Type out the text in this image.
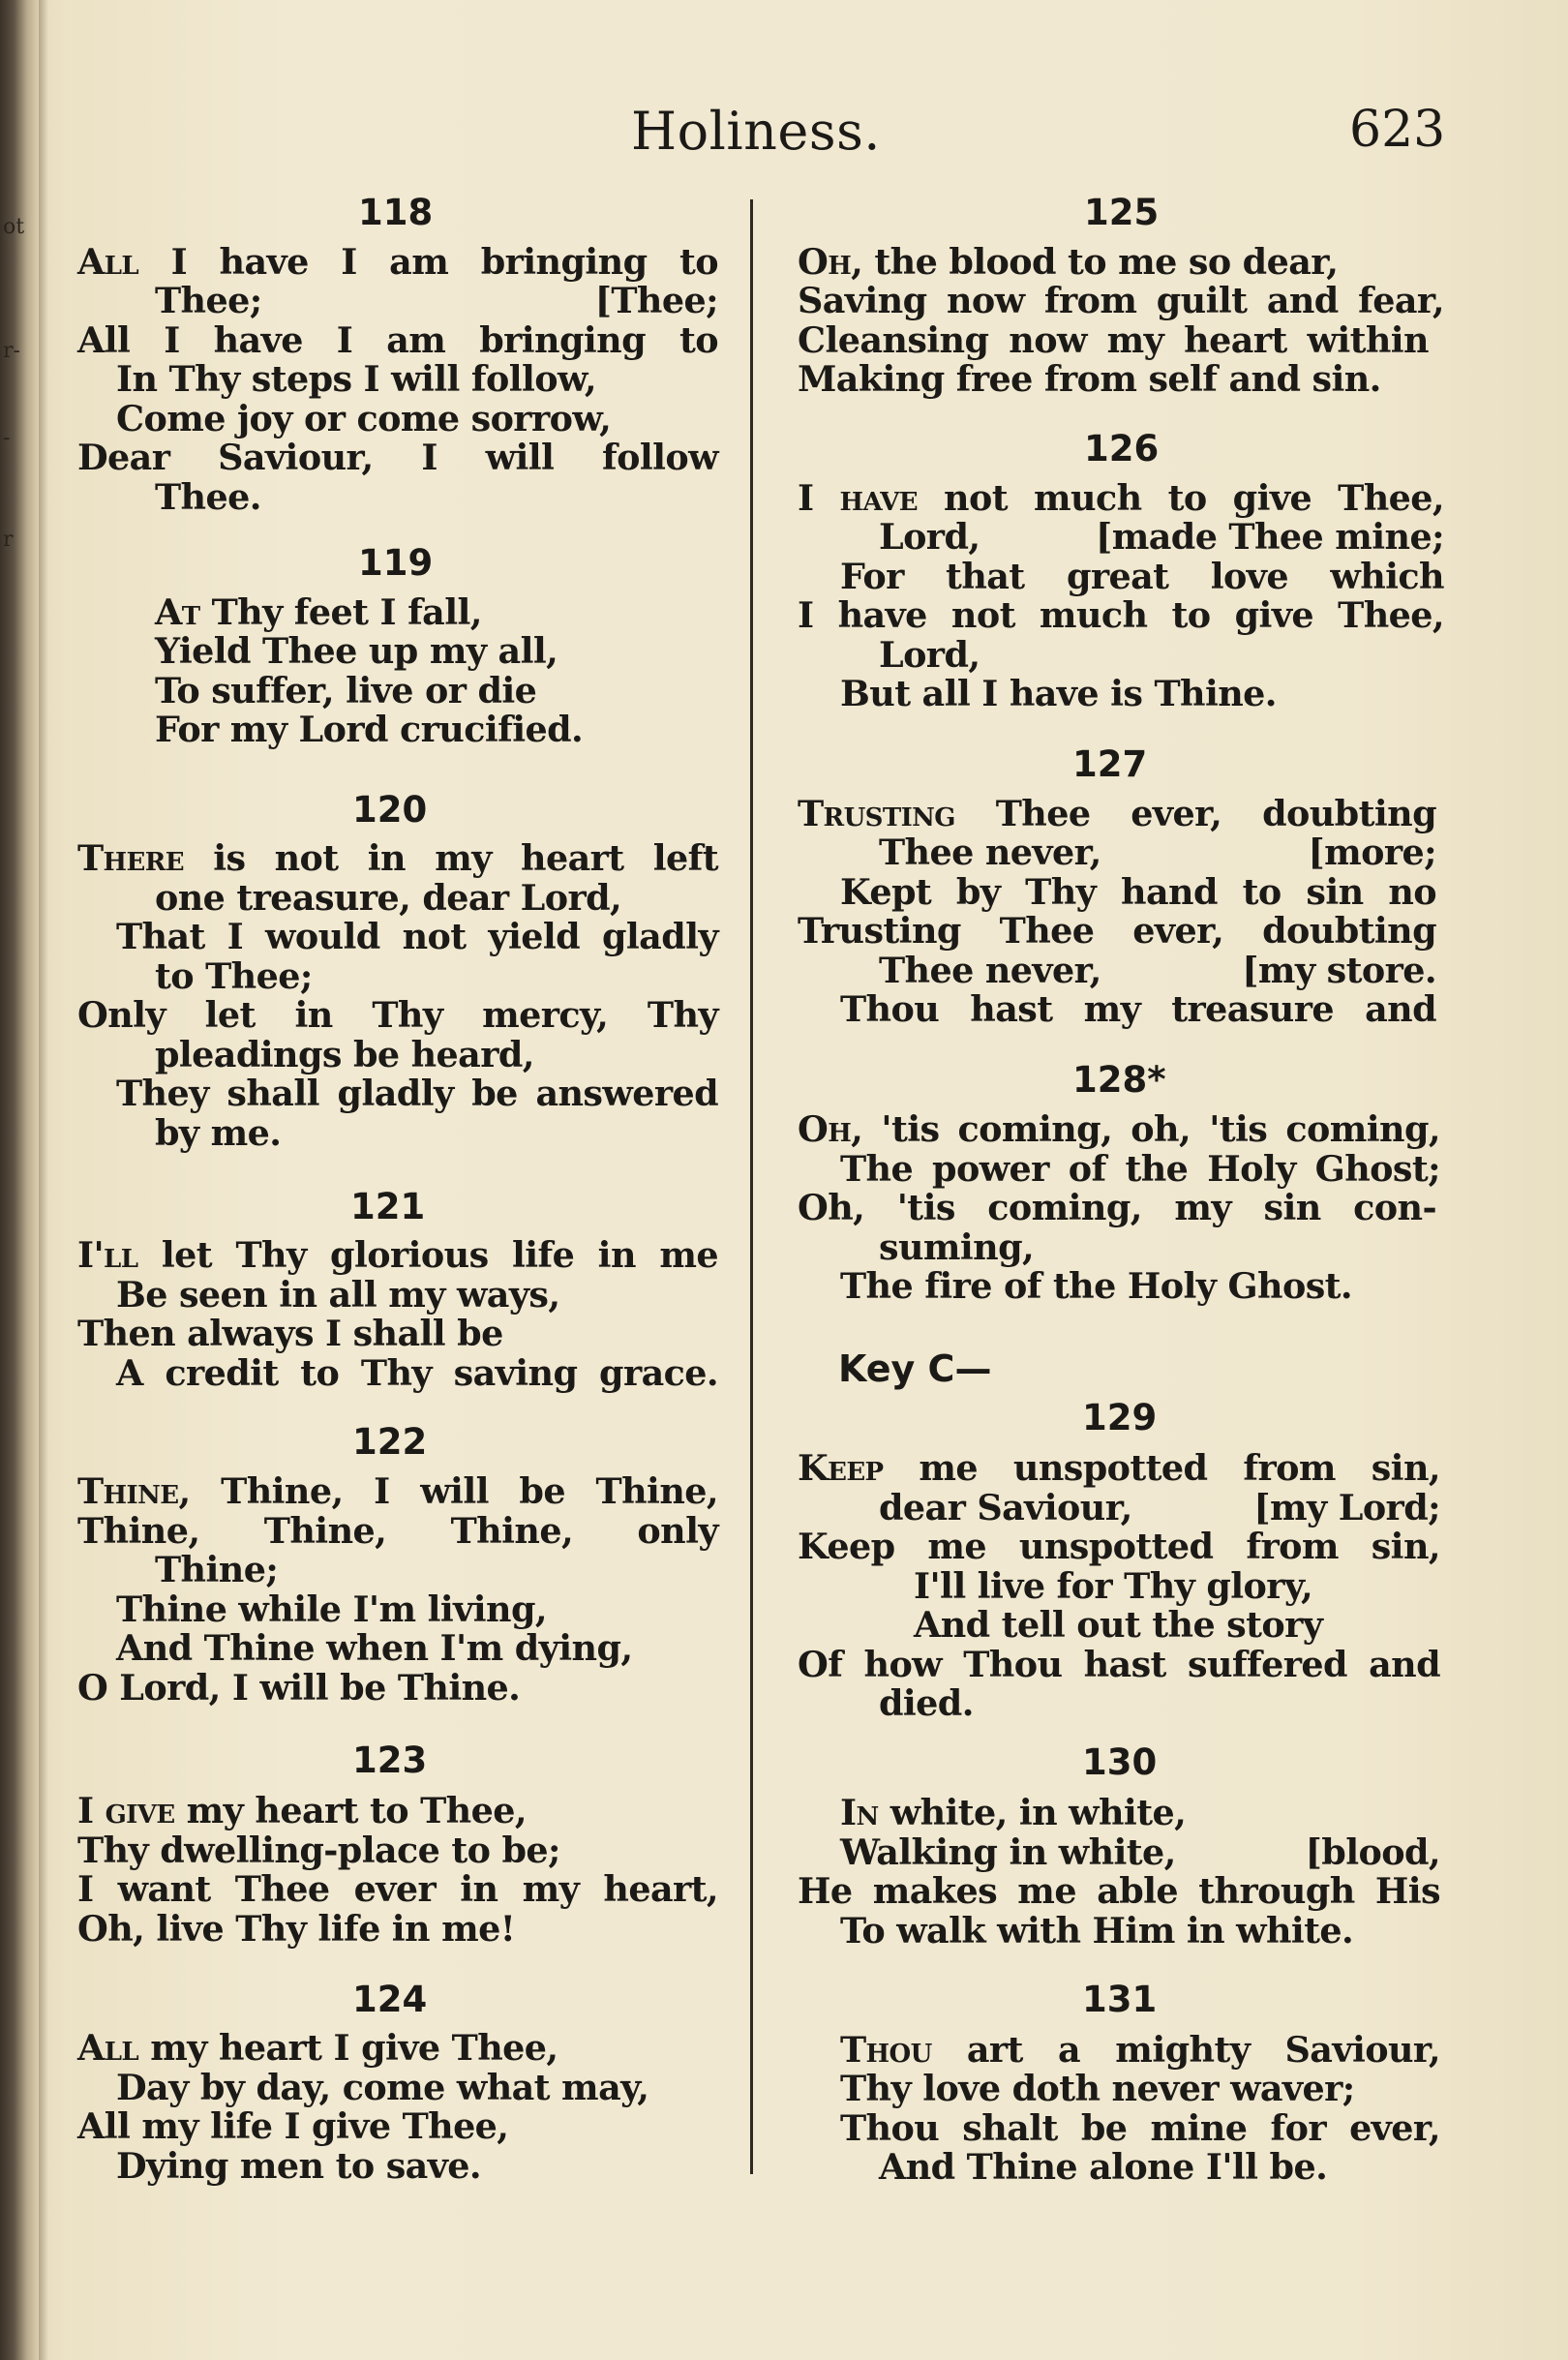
ot
r-
-
r
Holiness.	623
118
All I have I am bringing to
Thee;	[Thee;
All I have I am bringing to
In Thy steps I will follow,
Come joy or come sorrow,
Dear Saviour, I will follow
Thee.
119
At Thy feet I fall,
Yield Thee up my all,
To suffer, live or die
For my Lord crucified.
120
There is not in my heart left
one treasure, dear Lord,
That I would not yield gladly
to Thee;
Only let in Thy mercy, Thy
pleadings be heard,
They shall gladly be answered
by me.
121
I'll let Thy glorious life in me
Be seen in all my ways,
Then always I shall be
A credit to Thy saving grace.
122
Thine, Thine, I will be Thine,
Thine, Thine, Thine, only
Thine;
Thine while I'm living,
And Thine when I'm dying,
O Lord, I will be Thine.
123
I give my heart to Thee,
Thy dwelling-place to be;
I want Thee ever in my heart,
Oh, live Thy life in me!
124
All my heart I give Thee,
Day by day, come what may,
All my life I give Thee,
Dying men to save.
125
Oh, the blood to me so dear,
Saving now from guilt and fear,
Cleansing now my heart within
Making free from self and sin.
126
I have not much to give Thee,
Lord,	[made Thee mine;
For that great love which
I have not much to give Thee,
Lord,
But all I have is Thine.
127
Trusting Thee ever, doubting
Thee never,	[more;
Kept by Thy hand to sin no
Trusting Thee ever, doubting
Thee never,	[my store.
Thou hast my treasure and
128*
Oh, 'tis coming, oh, 'tis coming,
The power of the Holy Ghost;
Oh, 'tis coming, my sin con-
suming,
The fire of the Holy Ghost.
Key C—
129
Keep me unspotted from sin,
dear Saviour,	[my Lord;
Keep me unspotted from sin,
I'll live for Thy glory,
And tell out the story
Of how Thou hast suffered and
died.
130
In white, in white,
Walking in white,	[blood,
He makes me able through His
To walk with Him in white.
131
Thou art a mighty Saviour,
Thy love doth never waver;
Thou shalt be mine for ever,
And Thine alone I'll be.
